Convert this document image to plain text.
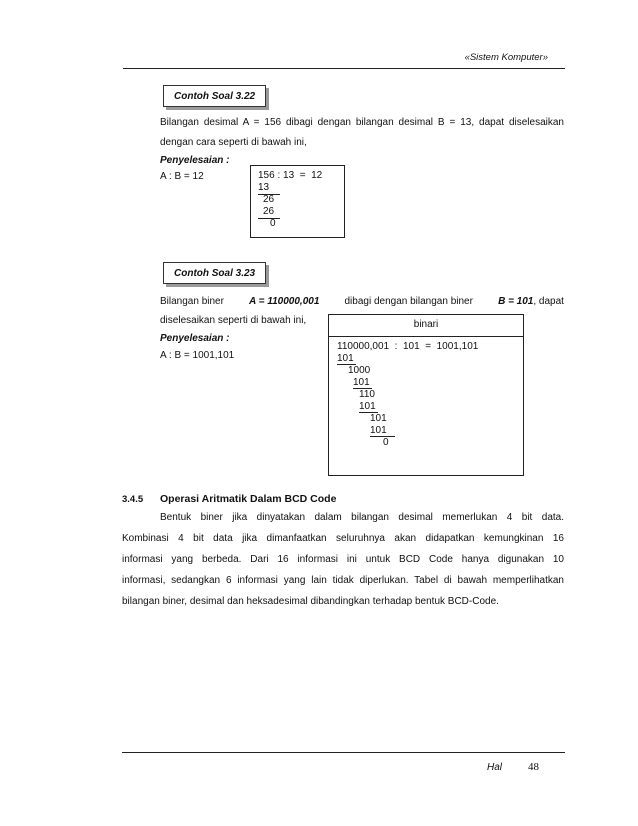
«Sistem Komputer»
Contoh Soal 3.22
Bilangan desimal A = 156 dibagi dengan bilangan desimal B = 13, dapat diselesaikan
dengan cara seperti di bawah ini,
Penyelesaian :
A : B = 12	156 : 13  =  12
13
26
26
0
Contoh Soal 3.23
Bilangan biner	A = 110000,001	dibagi dengan bilangan biner	B = 101, dapat
diselesaikan seperti di bawah ini,
Penyelesaian :
A : B = 1001,101
binari
110000,001  :  101  =  1001,101
101
1000
101
110
101
101
101
0
3.4.5 Operasi Aritmatik Dalam BCD Code
Bentuk biner jika dinyatakan dalam bilangan desimal memerlukan 4 bit data.
Kombinasi 4 bit data jika dimanfaatkan seluruhnya akan didapatkan kemungkinan 16
informasi yang berbeda. Dari 16 informasi ini untuk BCD Code hanya digunakan 10
informasi, sedangkan 6 informasi yang lain tidak diperlukan. Tabel di bawah memperlihatkan
bilangan biner, desimal dan heksadesimal dibandingkan terhadap bentuk BCD-Code.
Hal 48
